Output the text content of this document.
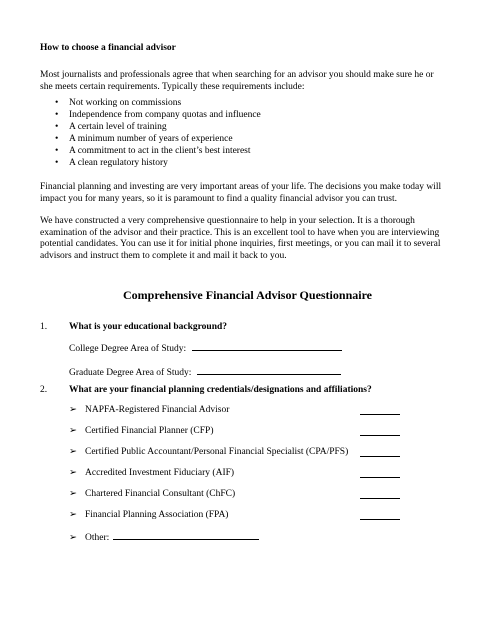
How to choose a financial advisor
Most journalists and professionals agree that when searching for an advisor you should make sure he or
she meets certain requirements. Typically these requirements include:
• Not working on commissions
• Independence from company quotas and influence
• A certain level of training
• A minimum number of years of experience
• A commitment to act in the client’s best interest
• A clean regulatory history
Financial planning and investing are very important areas of your life. The decisions you make today will
impact you for many years, so it is paramount to find a quality financial advisor you can trust.
We have constructed a very comprehensive questionnaire to help in your selection. It is a thorough
examination of the advisor and their practice. This is an excellent tool to have when you are interviewing
potential candidates. You can use it for initial phone inquiries, first meetings, or you can mail it to several
advisors and instruct them to complete it and mail it back to you.
Comprehensive Financial Advisor Questionnaire
1. What is your educational background?
College Degree Area of Study:
Graduate Degree Area of Study:
2. What are your financial planning credentials/designations and affiliations?
➢ NAPFA-Registered Financial Advisor
➢ Certified Financial Planner (CFP)
➢ Certified Public Accountant/Personal Financial Specialist (CPA/PFS)
➢ Accredited Investment Fiduciary (AIF)
➢ Chartered Financial Consultant (ChFC)
➢ Financial Planning Association (FPA)
➢ Other:
